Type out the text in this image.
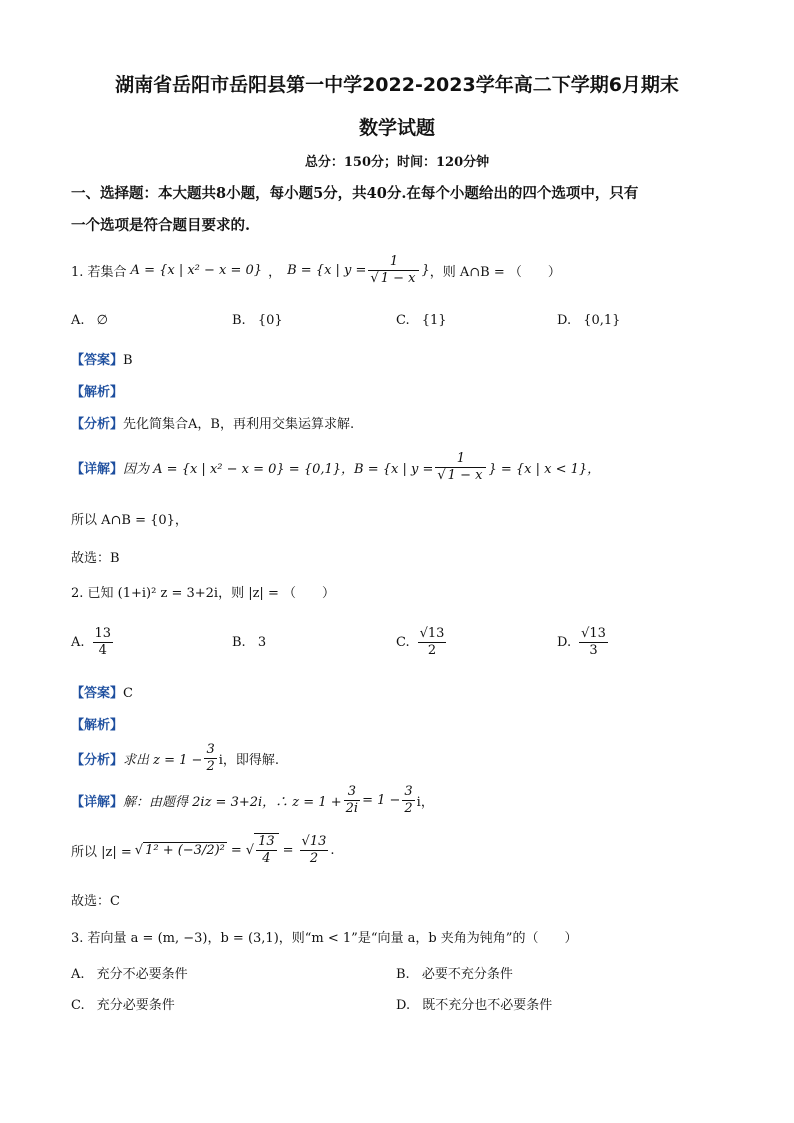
湖南省岳阳市岳阳县第一中学2022-2023学年高二下学期6月期末
数学试题
总分：150分；时间：120分钟
一、选择题：本大题共8小题，每小题5分，共40分.在每个小题给出的四个选项中，只有
一个选项是符合题目要求的.
1. 若集合 A = {x | x² − x = 0} ， B = {x | $y = \frac{1}{√ 1 - x}$ } ，则 A∩B = （　　）
A. ∅	B. {0}	C. {1}	D. {0,1}
【答案】B
【解析】
【分析】先化简集合A，B，再利用交集运算求解.
【详解】 因为 A = {x | x² − x = 0} = {0,1}，B = {x | $y = \frac{1}{√ 1 - x}$ } = {x | x < 1}，
所以 A∩B = {0}，
故选：B
2. 已知 (1+i)² z = 3+2i，则 |z| = （　　）
A. $\frac{13}{4}$	B. 3	C. $\frac{√13}{2}$	D. $\frac{√13}{3}$
【答案】C
【解析】
【分析】 求出 $z = 1 - \frac{3}{2}$ i，即得解.
【详解】 解：由题得 2iz = 3+2i，∴ $z = 1 + \frac{3}{2i} = 1 - \frac{3}{2}$ i，
所以 |z| = √ 1² + (−3/2)² = √ $\frac{13}{4} = \frac{√13}{2}$ .
故选：C
3. 若向量 a = (m, −3)，b = (3,1)，则“m < 1”是“向量 a，b 夹角为钝角”的（　　）
A. 充分不必要条件	B. 必要不充分条件
C. 充分必要条件	D. 既不充分也不必要条件
